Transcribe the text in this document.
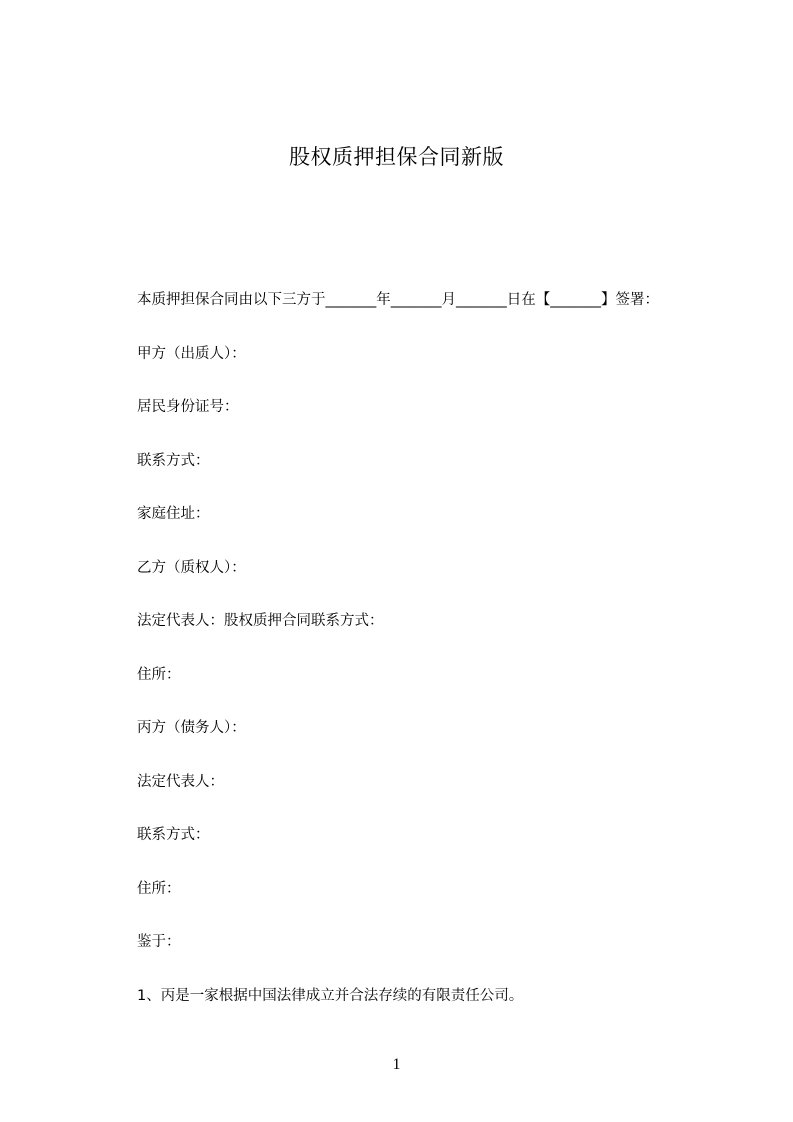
股权质押担保合同新版
本质押担保合同由以下三方于_______年_______月_______日在【_______】签署：
甲方（出质人）：
居民身份证号：
联系方式：
家庭住址：
乙方（质权人）：
法定代表人：股权质押合同联系方式：
住所：
丙方（债务人）：
法定代表人：
联系方式：
住所：
鉴于：
1、丙是一家根据中国法律成立并合法存续的有限责任公司。
1
